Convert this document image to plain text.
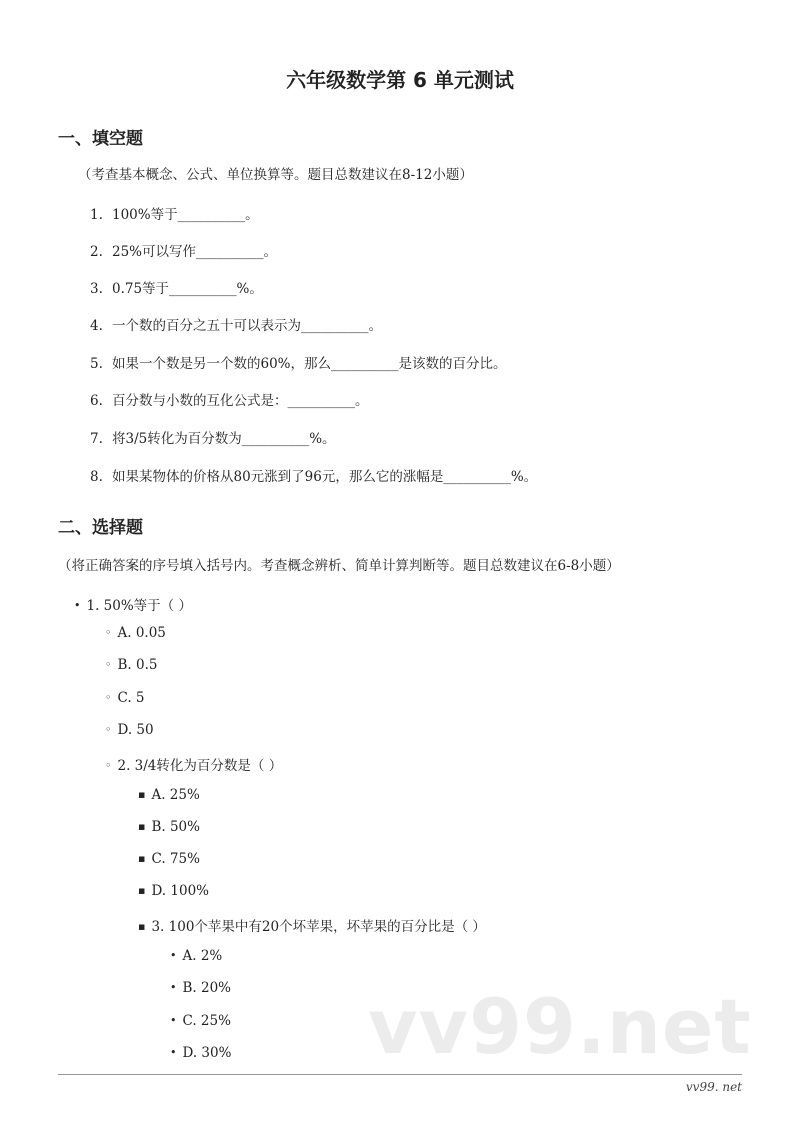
六年级数学第 6 单元测试
一、填空题
（考查基本概念、公式、单位换算等。题目总数建议在8-12小题）
1. 100%等于__________。
2. 25%可以写作__________。
3. 0.75等于__________%。
4. 一个数的百分之五十可以表示为__________。
5. 如果一个数是另一个数的60%，那么__________是该数的百分比。
6. 百分数与小数的互化公式是：__________。
7. 将3/5转化为百分数为__________%。
8. 如果某物体的价格从80元涨到了96元，那么它的涨幅是__________%。
二、选择题
（将正确答案的序号填入括号内。考查概念辨析、简单计算判断等。题目总数建议在6-8小题）
• 1. 50%等于（ ）
◦ A. 0.05
◦ B. 0.5
◦ C. 5
◦ D. 50
◦ 2. 3/4转化为百分数是（ ）
▪ A. 25%
▪ B. 50%
▪ C. 75%
▪ D. 100%
▪ 3. 100个苹果中有20个坏苹果，坏苹果的百分比是（ ）
• A. 2%
• B. 20%
• C. 25%
• D. 30% vv99.net
vv99. net
